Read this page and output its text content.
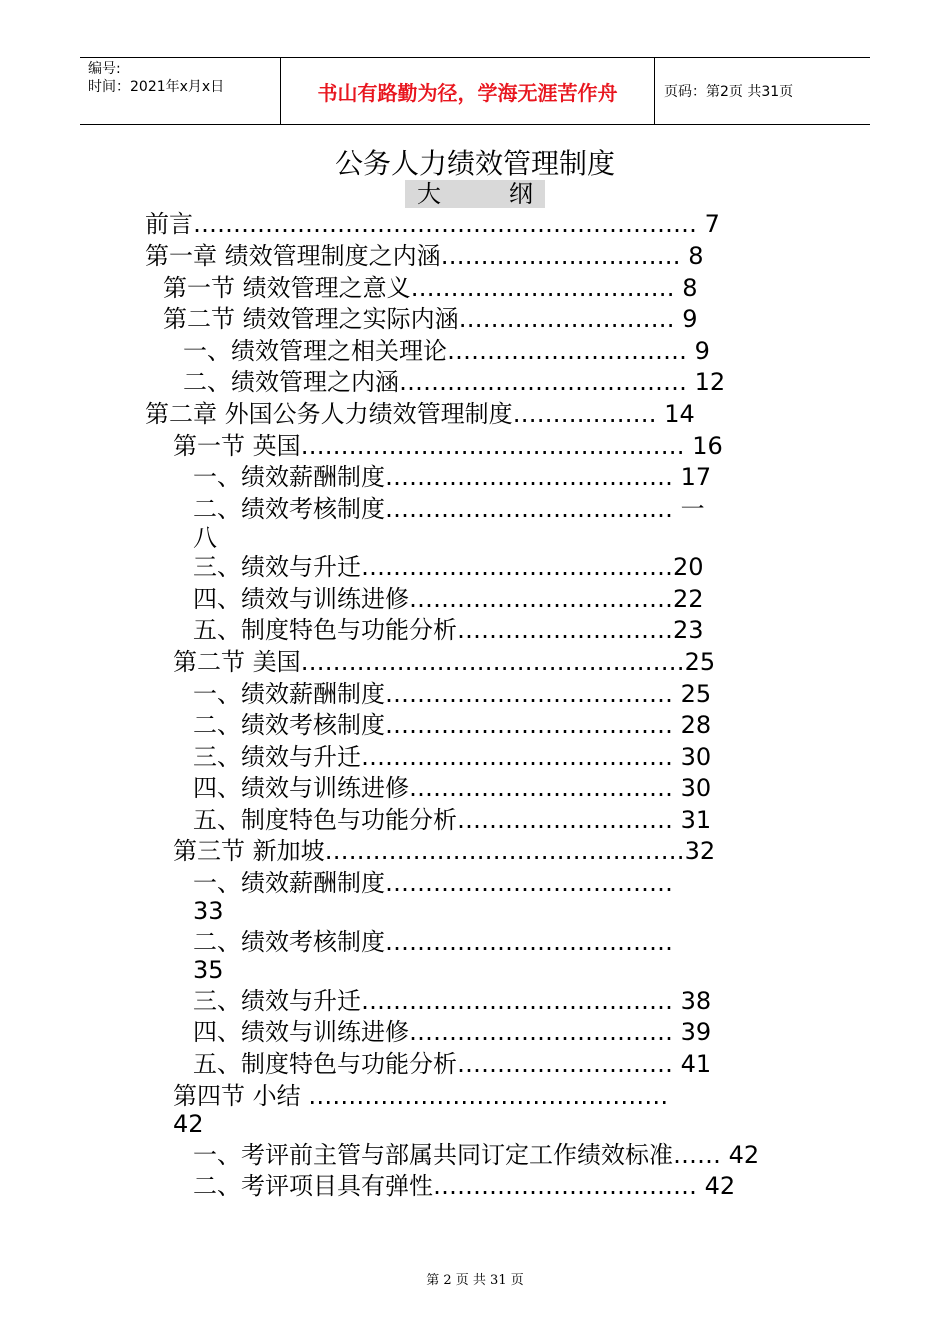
编号:
时间：2021年x月x日	书山有路勤为径，学海无涯苦作舟	页码：第2页 共31页
公务人力绩效管理制度
大	纲
前言……………………………………………………… 7
第一章 绩效管理制度之内涵………………………… 8
第一节 绩效管理之意义…………………………… 8
第二节 绩效管理之实际内涵……………………… 9
一、绩效管理之相关理论………………………… 9
二、绩效管理之内涵……………………………… 12
第二章 外国公务人力绩效管理制度……………… 14
第一节 英国………………………………………… 16
一、绩效薪酬制度……………………………… 17
二、绩效考核制度……………………………… 一
八
三、绩效与升迁…………………………………20
四、绩效与训练进修……………………………22
五、制度特色与功能分析………………………23
第二节 美国…………………………………………25
一、绩效薪酬制度……………………………… 25
二、绩效考核制度……………………………… 28
三、绩效与升迁………………………………… 30
四、绩效与训练进修…………………………… 30
五、制度特色与功能分析……………………… 31
第三节 新加坡………………………………………32
一、绩效薪酬制度………………………………
33
二、绩效考核制度………………………………
35
三、绩效与升迁………………………………… 38
四、绩效与训练进修…………………………… 39
五、制度特色与功能分析……………………… 41
第四节 小结 ………………………………………
42
一、考评前主管与部属共同订定工作绩效标准…… 42
二、考评项目具有弹性…………………………… 42
第 2 页 共 31 页
